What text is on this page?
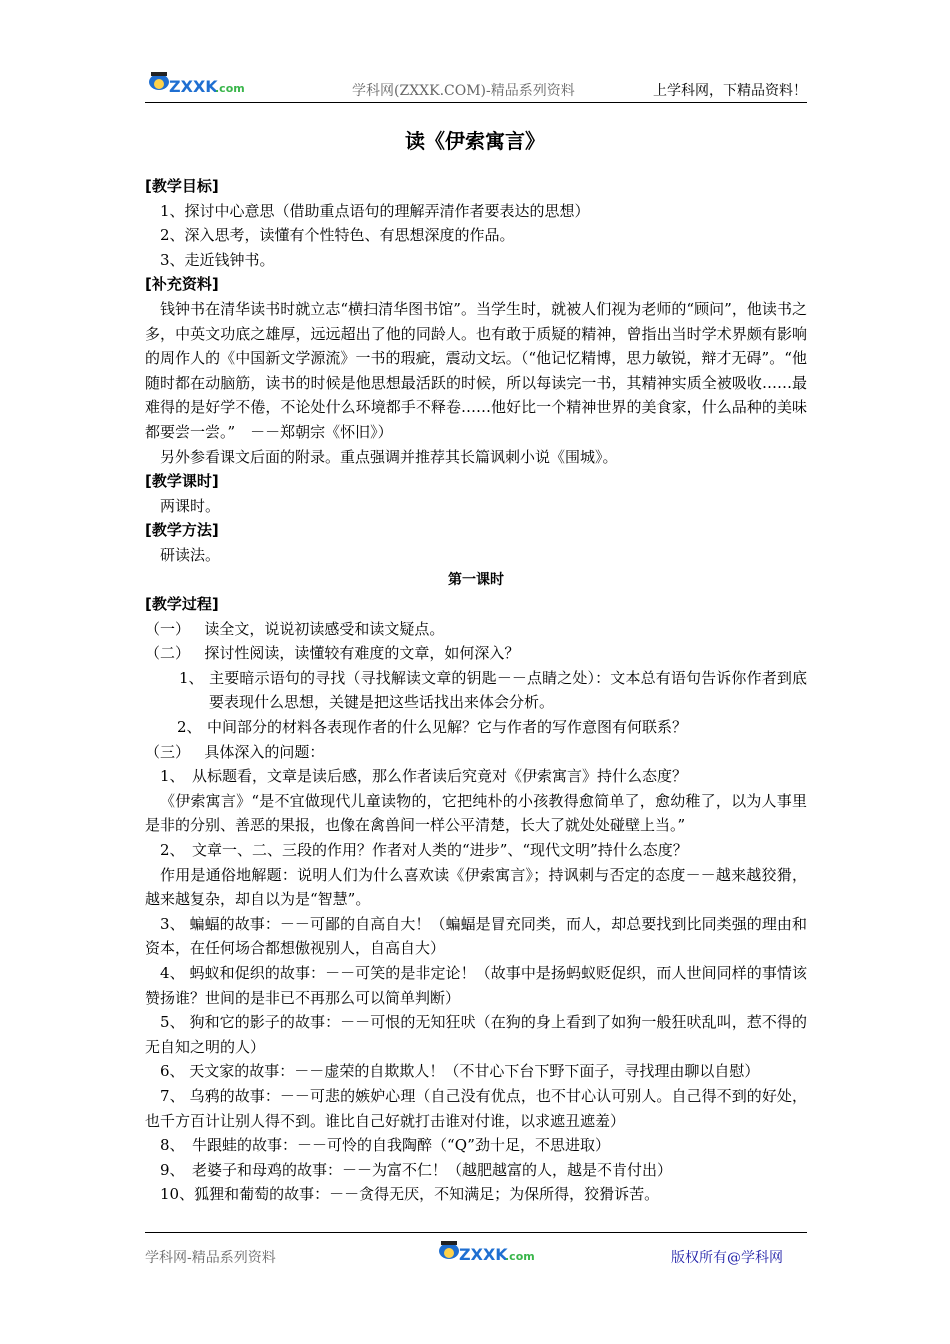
ZXXK
.com	学科网(ZXXK.COM)-精品系列资料	上学科网，下精品资料！
读《伊索寓言》

[教学目标]

1、探讨中心意思（借助重点语句的理解弄清作者要表达的思想）

2、深入思考，读懂有个性特色、有思想深度的作品。

3、走近钱钟书。

[补充资料]

钱钟书在清华读书时就立志“横扫清华图书馆”。当学生时，就被人们视为老师的“顾问”，他读书之多，中英文功底之雄厚，远远超出了他的同龄人。也有敢于质疑的精神，曾指出当时学术界颇有影响的周作人的《中国新文学源流》一书的瑕疵，震动文坛。（“他记忆精博，思力敏锐，辩才无碍”。“他随时都在动脑筋，读书的时候是他思想最活跃的时候，所以每读完一书，其精神实质全被吸收……最难得的是好学不倦，不论处什么环境都手不释卷……他好比一个精神世界的美食家，什么品种的美味都要尝一尝。”　－－郑朝宗《怀旧》）

另外参看课文后面的附录。重点强调并推荐其长篇讽刺小说《围城》。

[教学课时]

两课时。

[教学方法]

研读法。

第一课时

[教学过程]

（一） 读全文，说说初读感受和读文疑点。

（二） 探讨性阅读，读懂较有难度的文章，如何深入？

1、 主要暗示语句的寻找（寻找解读文章的钥匙－－点睛之处）：文本总有语句告诉你作者到底要表现什么思想，关键是把这些话找出来体会分析。

2、 中间部分的材料各表现作者的什么见解？它与作者的写作意图有何联系？

（三） 具体深入的问题：

1、　从标题看，文章是读后感，那么作者读后究竟对《伊索寓言》持什么态度？

《伊索寓言》“是不宜做现代儿童读物的，它把纯朴的小孩教得愈简单了，愈幼稚了，以为人事里是非的分别、善恶的果报，也像在禽兽间一样公平清楚，长大了就处处碰壁上当。”

2、　文章一、二、三段的作用？作者对人类的“进步”、“现代文明”持什么态度？

作用是通俗地解题：说明人们为什么喜欢读《伊索寓言》；持讽刺与否定的态度－－越来越狡猾，越来越复杂，却自以为是“智慧”。

3、 蝙蝠的故事：－－可鄙的自高自大！（蝙蝠是冒充同类，而人，却总要找到比同类强的理由和资本，在任何场合都想傲视别人，自高自大）

4、 蚂蚁和促织的故事：－－可笑的是非定论！（故事中是扬蚂蚁贬促织，而人世间同样的事情该赞扬谁？世间的是非已不再那么可以简单判断）

5、 狗和它的影子的故事：－－可恨的无知狂吠（在狗的身上看到了如狗一般狂吠乱叫，惹不得的无自知之明的人）

6、 天文家的故事：－－虚荣的自欺欺人！（不甘心下台下野下面子，寻找理由聊以自慰）

7、 乌鸦的故事：－－可悲的嫉妒心理（自己没有优点，也不甘心认可别人。自己得不到的好处，也千方百计让别人得不到。谁比自己好就打击谁对付谁，以求遮丑遮羞）

8、　牛跟蛙的故事：－－可怜的自我陶醉（“Q”劲十足，不思进取）

9、　老婆子和母鸡的故事：－－为富不仁！（越肥越富的人，越是不肯付出）

10、狐狸和葡萄的故事：－－贪得无厌，不知满足；为保所得，狡猾诉苦。

学科网-精品系列资料	ZXXK
.com	版权所有@学科网
